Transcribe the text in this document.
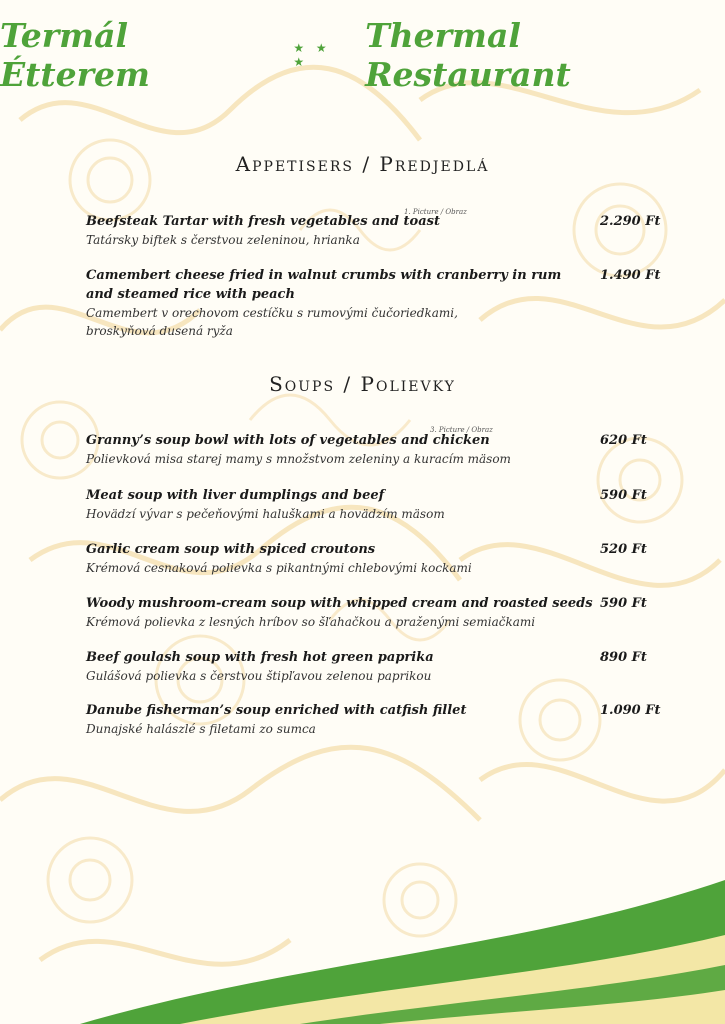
Termál Étterem
★ ★ ★
Thermal Restaurant
Appetisers / Predjedlá
Beefsteak Tartar with fresh vegetables and toast
Tatársky biftek s čerstvou zeleninou, hrianka
1. Picture / Obraz
2.290 Ft
Camembert cheese fried in walnut crumbs with cranberry in rum
and steamed rice with peach
Camembert v orechovom cestíčku s rumovými čučoriedkami,
broskyňová dusená ryža
1.490 Ft
Soups / Polievky
Granny’s soup bowl with lots of vegetables and chicken
Polievková misa starej mamy s množstvom zeleniny a kuracím mäsom
3. Picture / Obraz
620 Ft
Meat soup with liver dumplings and beef
Hovädzí vývar s pečeňovými haluškami a hovädzím mäsom
590 Ft
Garlic cream soup with spiced croutons
Krémová cesnaková polievka s pikantnými chlebovými kockami
520 Ft
Woody mushroom-cream soup with whipped cream and roasted seeds
Krémová polievka z lesných hríbov so šľahačkou a praženými semiačkami
590 Ft
Beef goulash soup with fresh hot green paprika
Gulášová polievka s čerstvou štipľavou zelenou paprikou
890 Ft
Danube fisherman’s soup enriched with catfish fillet
Dunajské halászlé s filetami zo sumca
1.090 Ft
